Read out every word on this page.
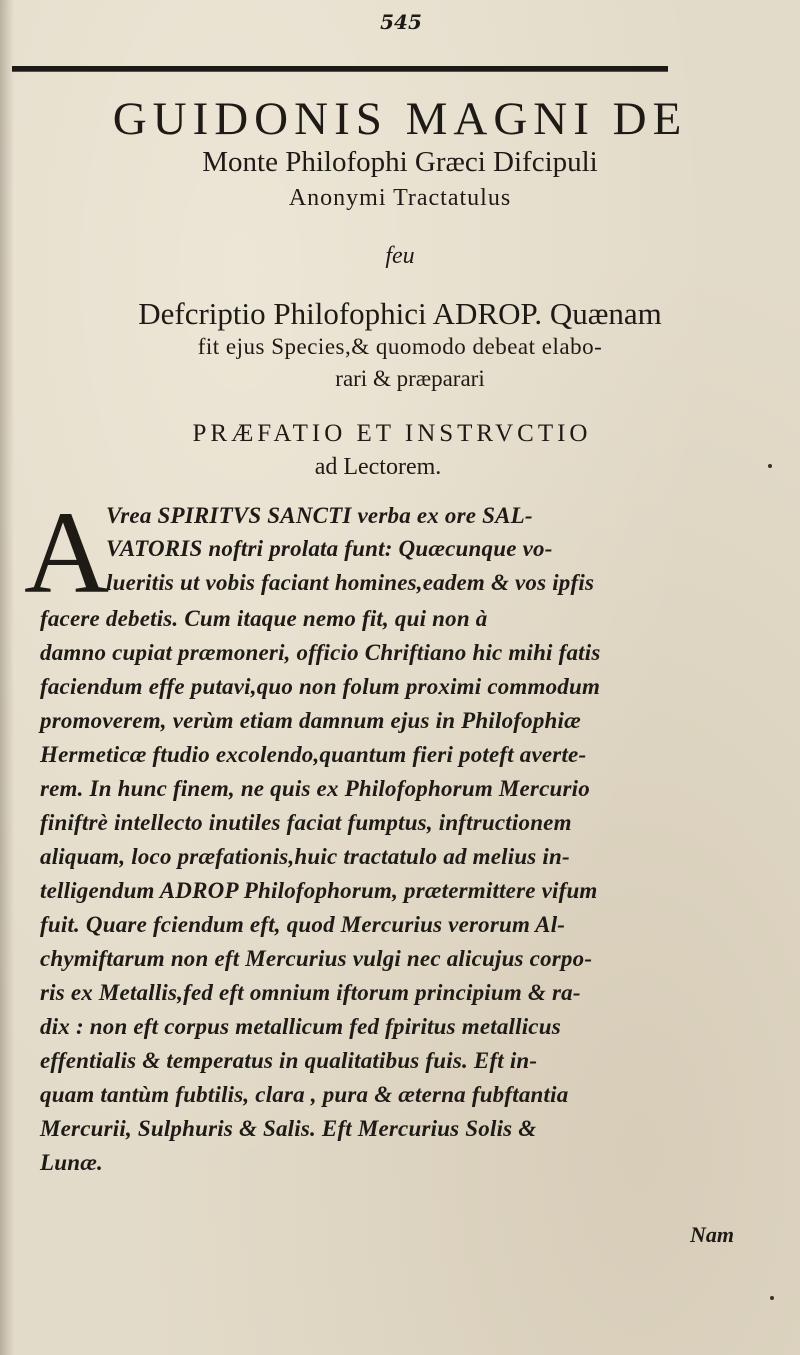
545
GUIDONIS MAGNI DE
Monte Philofophi Græci Difcipuli
Anonymi Tractatulus
feu
Defcriptio Philofophici ADROP. Quænam
fit ejus Species,& quomodo debeat elabo-
rari & præparari
PRÆFATIO ET INSTRVCTIO
ad Lectorem.
A
Vrea SPIRITVS SANCTI verba ex ore SAL-
VATORIS noftri prolata funt: Quæcunque vo-
lueritis ut vobis faciant homines,eadem & vos ipfis
facere debetis. Cum itaque nemo fit, qui non à
damno cupiat præmoneri, officio Chriftiano hic mihi fatis
faciendum effe putavi,quo non folum proximi commodum
promoverem, verùm etiam damnum ejus in Philofophiæ
Hermeticæ ftudio excolendo,quantum fieri poteft averte-
rem. In hunc finem, ne quis ex Philofophorum Mercurio
finiftrè intellecto inutiles faciat fumptus, inftructionem
aliquam, loco præfationis,huic tractatulo ad melius in-
telligendum ADROP Philofophorum, prætermittere vifum
fuit. Quare fciendum eft, quod Mercurius verorum Al-
chymiftarum non eft Mercurius vulgi nec alicujus corpo-
ris ex Metallis,fed eft omnium iftorum principium & ra-
dix : non eft corpus metallicum fed fpiritus metallicus
effentialis & temperatus in qualitatibus fuis. Eft in-
quam tantùm fubtilis, clara , pura & æterna fubftantia
Mercurii, Sulphuris & Salis. Eft Mercurius Solis &
Lunæ.
Nam
